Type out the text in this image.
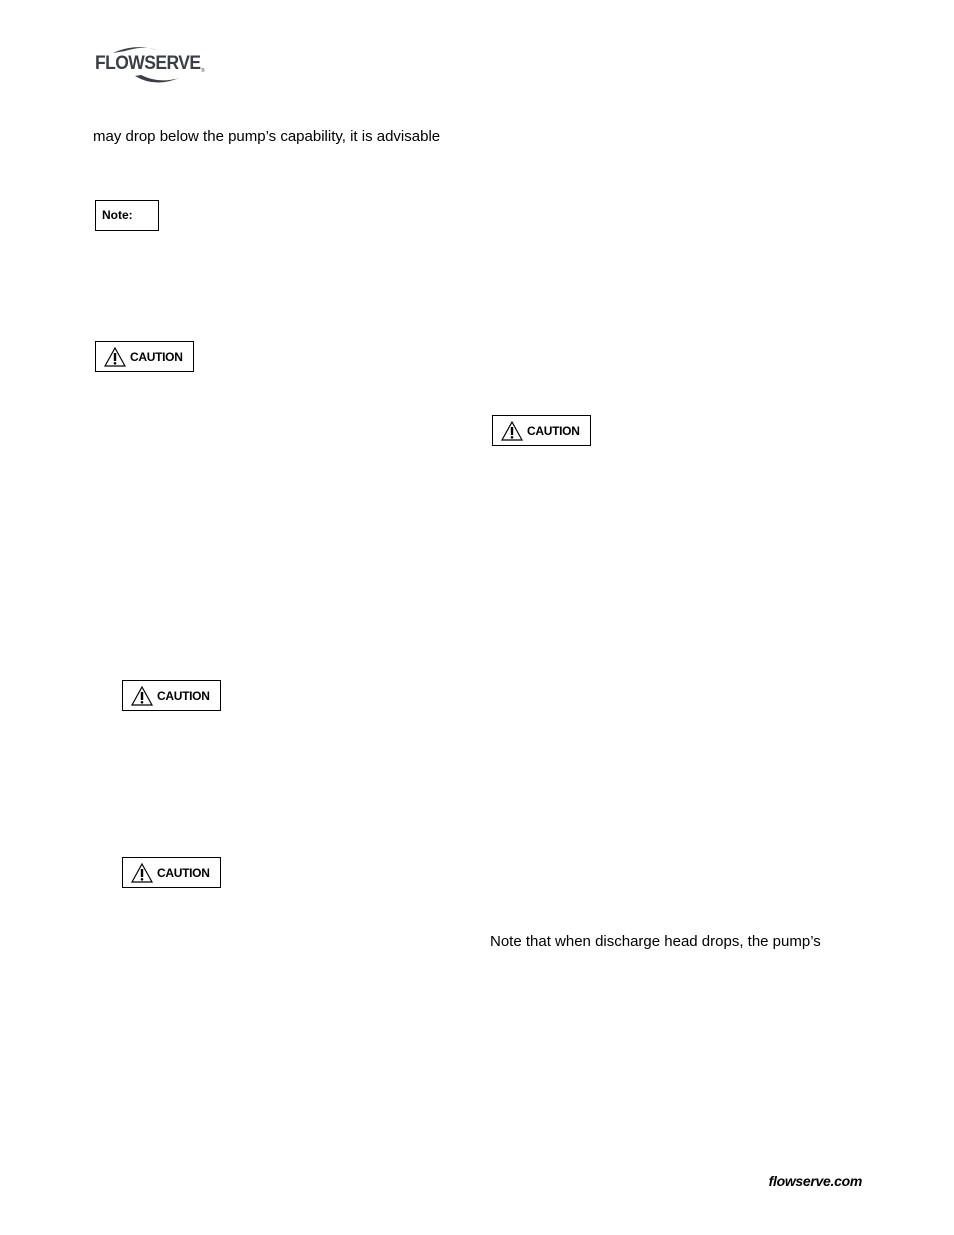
FLOWSERVE ®
may drop below the pump’s capability, it is advisable
Note:
CAUTION
CAUTION
CAUTION
CAUTION
Note that when discharge head drops, the pump’s
flowserve.com
